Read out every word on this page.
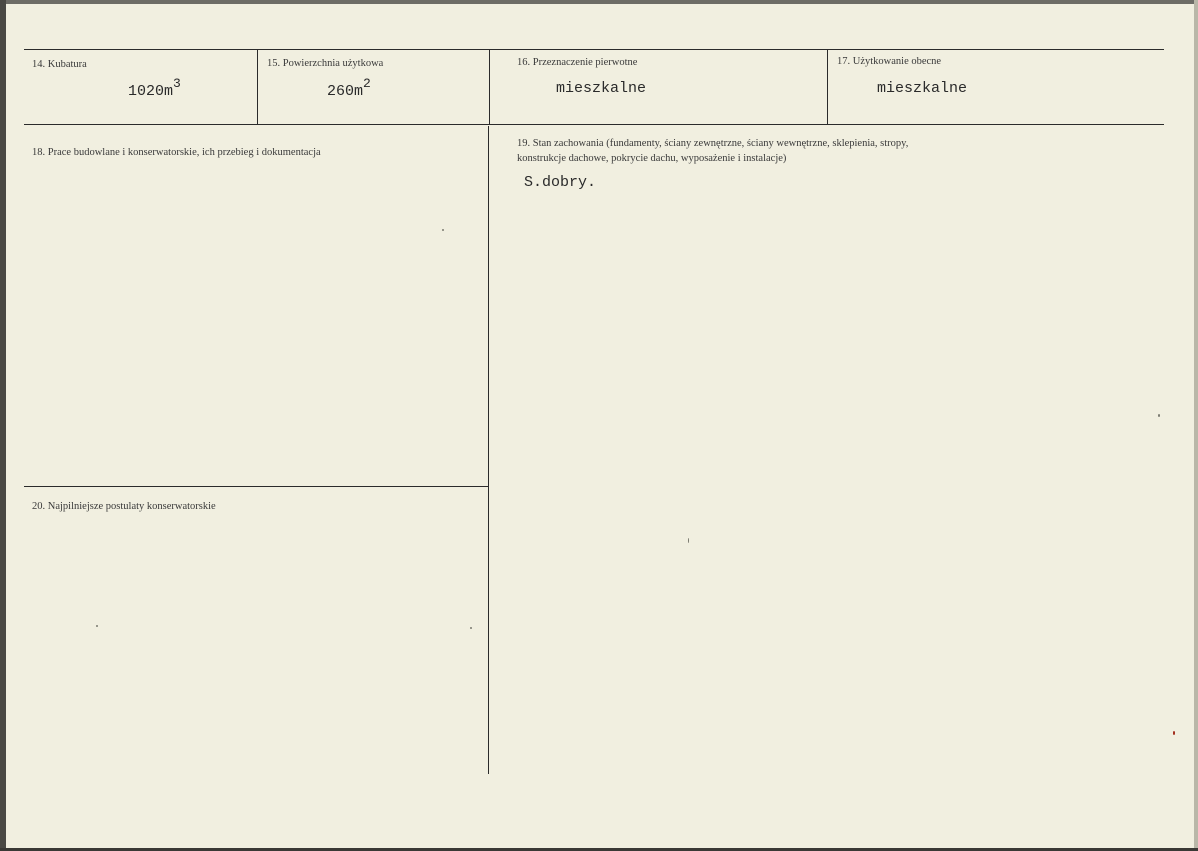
14. Kubatura
$1020m^3$
15. Powierzchnia użytkowa
$260m^2$
16. Przeznaczenie pierwotne
mieszkalne
17. Użytkowanie obecne
mieszkalne
18. Prace budowlane i konserwatorskie, ich przebieg i dokumentacja
19. Stan zachowania (fundamenty, ściany zewnętrzne, ściany wewnętrzne, sklepienia, stropy,
konstrukcje dachowe, pokrycie dachu, wyposażenie i instalacje)
S.dobry.
20. Najpilniejsze postulaty konserwatorskie
